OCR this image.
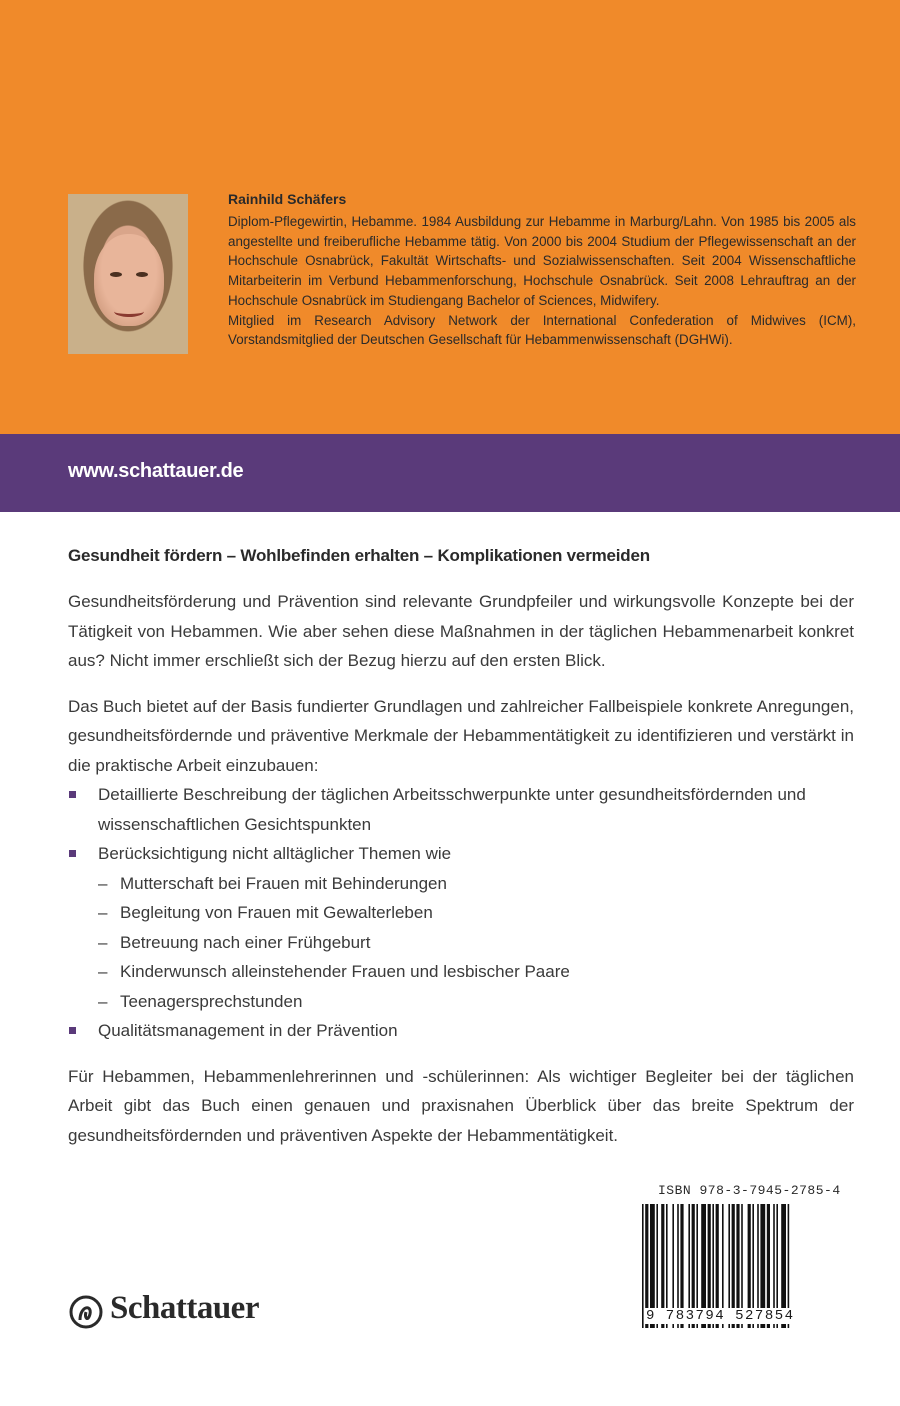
Rainhild Schäfers

Diplom-Pflegewirtin, Hebamme. 1984 Ausbildung zur Hebamme in Marburg/Lahn. Von 1985 bis 2005 als angestellte und freiberufliche Hebamme tätig. Von 2000 bis 2004 Studium der Pflegewissenschaft an der Hochschule Osnabrück, Fakultät Wirtschafts- und Sozialwissenschaften. Seit 2004 Wissenschaftliche Mitarbeiterin im Verbund Hebammenforschung, Hochschule Osnabrück. Seit 2008 Lehrauftrag an der Hochschule Osnabrück im Studiengang Bachelor of Sciences, Midwifery.

Mitglied im Research Advisory Network der International Confederation of Midwives (ICM), Vorstandsmitglied der Deutschen Gesellschaft für Hebammenwissenschaft (DGHWi).

www.schattauer.de

Gesundheit fördern – Wohlbefinden erhalten – Komplikationen vermeiden

Gesundheitsförderung und Prävention sind relevante Grundpfeiler und wirkungsvolle Konzepte bei der Tätigkeit von Hebammen. Wie aber sehen diese Maßnahmen in der täglichen Hebammenarbeit konkret aus? Nicht immer erschließt sich der Bezug hierzu auf den ersten Blick.

Das Buch bietet auf der Basis fundierter Grundlagen und zahlreicher Fallbeispiele konkrete Anregungen, gesundheitsfördernde und präventive Merkmale der Hebammentätigkeit zu identifizieren und verstärkt in die praktische Arbeit einzubauen:

Detaillierte Beschreibung der täglichen Arbeitsschwerpunkte unter gesundheitsfördernden und wissenschaftlichen Gesichtspunkten
Berücksichtigung nicht alltäglicher Themen wie
– Mutterschaft bei Frauen mit Behinderungen
– Begleitung von Frauen mit Gewalterleben
– Betreuung nach einer Frühgeburt
– Kinderwunsch alleinstehender Frauen und lesbischer Paare
– Teenagersprechstunden
Qualitätsmanagement in der Prävention

Für Hebammen, Hebammenlehrerinnen und -schülerinnen: Als wichtiger Begleiter bei der täglichen Arbeit gibt das Buch einen genauen und praxisnahen Überblick über das breite Spektrum der gesundheitsfördernden und präventiven Aspekte der Hebammentätigkeit.

ISBN 978-3-7945-2785-4

9 783794 527854

Schattauer
